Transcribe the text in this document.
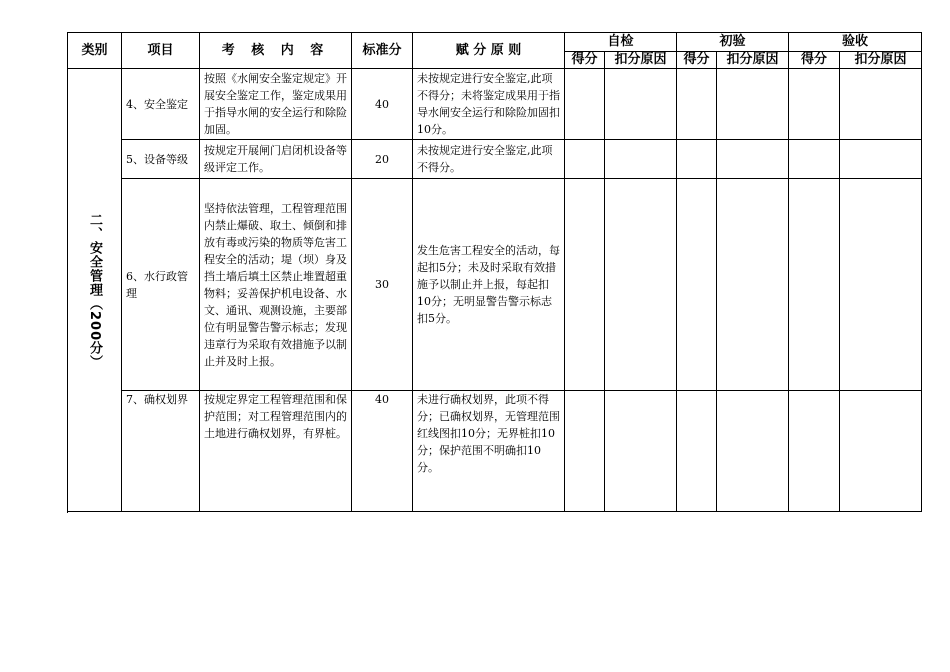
类别	项目	考 核 内 容	标准分	赋 分 原 则	自检		初验		验收	
					得分	扣分原因	得分	扣分原因	得分	扣分原因
二、安全管理（200分）	4、安全鉴定	按照《水闸安全鉴定规定》开展安全鉴定工作，鉴定成果用于指导水闸的安全运行和除险加固。	40	未按规定进行安全鉴定,此项不得分；未将鉴定成果用于指导水闸安全运行和除险加固扣10分。						
	5、设备等级	按规定开展闸门启闭机设备等级评定工作。	20	未按规定进行安全鉴定,此项不得分。						
	6、水行政管理	坚持依法管理，工程管理范围内禁止爆破、取土、倾倒和排放有毒或污染的物质等危害工程安全的活动；堤（坝）身及挡土墙后填土区禁止堆置超重物料；妥善保护机电设备、水文、通讯、观测设施，主要部位有明显警告警示标志；发现违章行为采取有效措施予以制止并及时上报。	30	发生危害工程安全的活动，每起扣5分；未及时采取有效措施予以制止并上报，每起扣10分；无明显警告警示标志扣5分。						
	7、确权划界	按规定界定工程管理范围和保护范围；对工程管理范围内的土地进行确权划界，有界桩。	40	未进行确权划界，此项不得分；已确权划界，无管理范围红线图扣10分；无界桩扣10分；保护范围不明确扣10分。						
